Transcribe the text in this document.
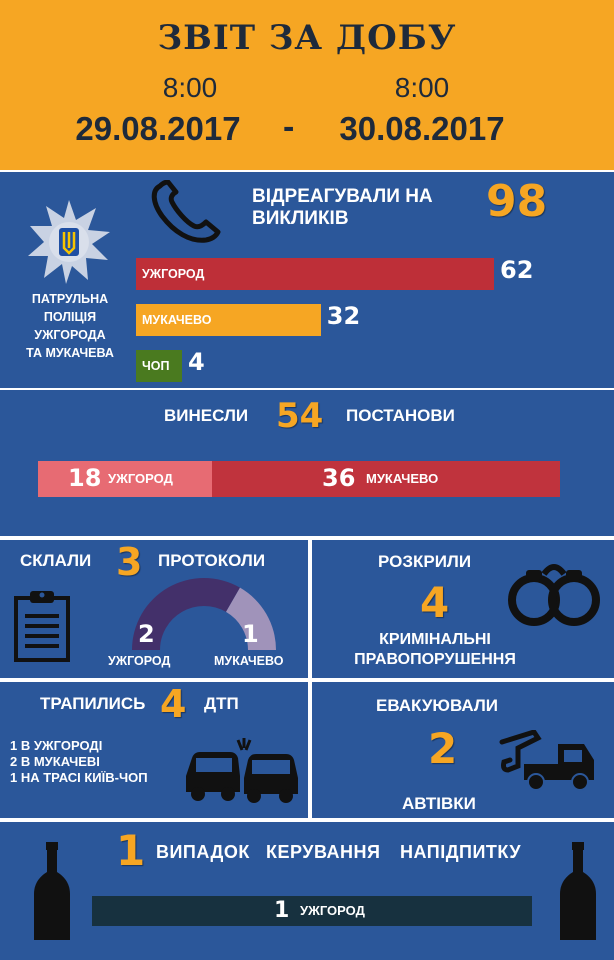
ЗВІТ ЗА ДОБУ
8:00	8:00
29.08.2017	-	30.08.2017
ПАТРУЛЬНА
ПОЛІЦІЯ
УЖГОРОДА
ТА МУКАЧЕВА
ВІДРЕАГУВАЛИ НА
ВИКЛИКІВ	98
УЖГОРОД	62
МУКАЧЕВО	32
ЧОП 4
ВИНЕСЛИ 54 ПОСТАНОВИ
18 УЖГОРОД	36 МУКАЧЕВО
СКЛАЛИ 3 ПРОТОКОЛИ
2	1
УЖГОРОД	МУКАЧЕВО
РОЗКРИЛИ
4
КРИМІНАЛЬНІ
ПРАВОПОРУШЕННЯ
ТРАПИЛИСЬ 4 ДТП
1 В УЖГОРОДІ
2 В МУКАЧЕВІ
1 НА ТРАСІ КИЇВ-ЧОП
ЕВАКУЮВАЛИ
2
АВТІВКИ
1 ВИПАДОК КЕРУВАННЯ НАПІДПИТКУ
1 УЖГОРОД
